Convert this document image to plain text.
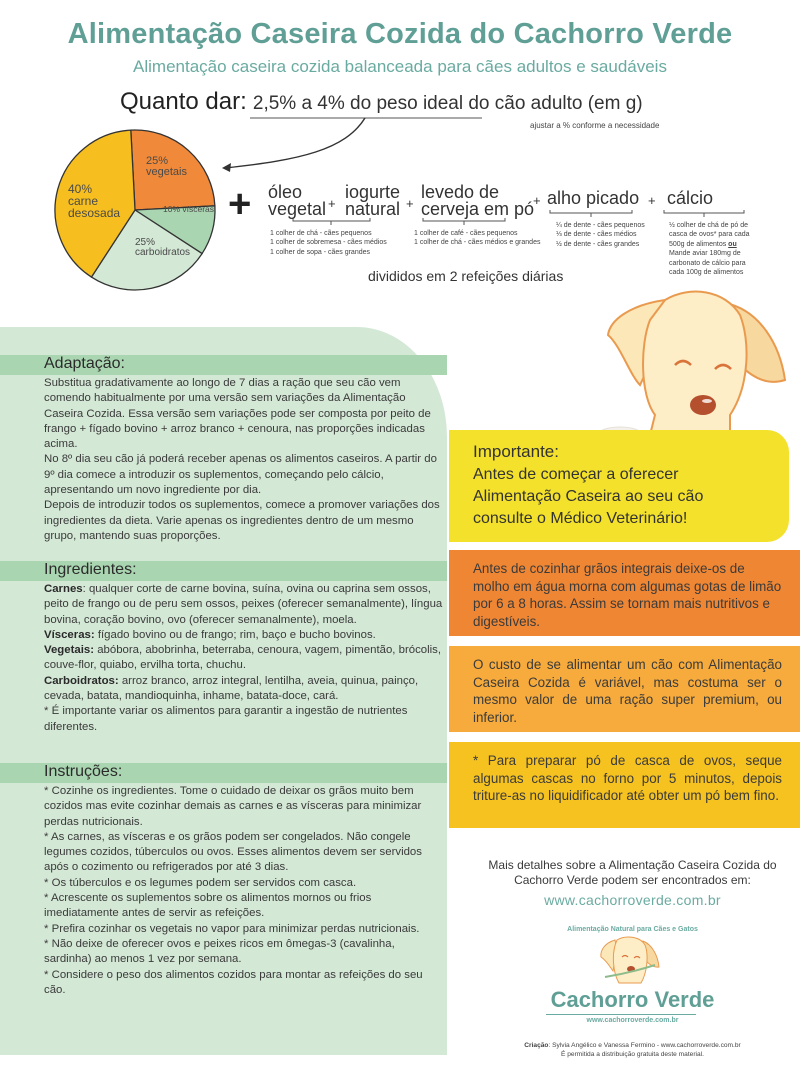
Alimentação Caseira Cozida do Cachorro Verde
Alimentação caseira cozida balanceada para cães adultos e saudáveis
Quanto dar: 2,5% a 4% do peso ideal do cão adulto (em g)
ajustar a % conforme a necessidade
25%
vegetais
10% vísceras
25%
carboidratos
40%
carne desosada	+ óleo
vegetal +
iogurte
natural +
levedo de
cerveja em pó
+ alho picado + cálcio
1 colher de chá - cães pequenos
1 colher de sobremesa - cães médios
1 colher de sopa - cães grandes
1 colher de café - cães pequenos
1 colher de chá - cães médios e grandes
¼ de dente - cães pequenos
⅓ de dente - cães médios
½ de dente - cães grandes
½ colher de chá de pó de
casca de ovos* para cada
500g de alimentos ou
Mande aviar 180mg de
carbonato de cálcio para
cada 100g de alimentos
divididos em 2 refeições diárias
Adaptação:
Substitua gradativamente ao longo de 7 dias a ração que seu cão vem comendo habitualmente por uma versão sem variações da Alimentação Caseira Cozida. Essa versão sem variações pode ser composta por peito de frango + fígado bovino + arroz branco + cenoura, nas proporções indicadas acima.
No 8º dia seu cão já poderá receber apenas os alimentos caseiros. A partir do 9º dia comece a introduzir os suplementos, começando pelo cálcio, apresentando um novo ingrediente por dia.
Depois de introduzir todos os suplementos, comece a promover variações dos ingredientes da dieta. Varie apenas os ingredientes dentro de um mesmo grupo, mantendo suas proporções.
Ingredientes:
Carnes: qualquer corte de carne bovina, suína, ovina ou caprina sem ossos, peito de frango ou de peru sem ossos, peixes (oferecer semanalmente), língua bovina, coração bovino, ovo (oferecer semanalmente), moela.
Vísceras: fígado bovino ou de frango; rim, baço e bucho bovinos.
Vegetais: abóbora, abobrinha, beterraba, cenoura, vagem, pimentão, brócolis, couve-flor, quiabo, ervilha torta, chuchu.
Carboidratos: arroz branco, arroz integral, lentilha, aveia, quinua, painço, cevada, batata, mandioquinha, inhame, batata-doce, cará.
* É importante variar os alimentos para garantir a ingestão de nutrientes diferentes.
Instruções:
* Cozinhe os ingredientes. Tome o cuidado de deixar os grãos muito bem cozidos mas evite cozinhar demais as carnes e as vísceras para minimizar perdas nutricionais.
* As carnes, as vísceras e os grãos podem ser congelados. Não congele legumes cozidos, túberculos ou ovos. Esses alimentos devem ser servidos após o cozimento ou refrigerados por até 3 dias.
* Os túberculos e os legumes podem ser servidos com casca.
* Acrescente os suplementos sobre os alimentos mornos ou frios imediatamente antes de servir as refeições.
* Prefira cozinhar os vegetais no vapor para minimizar perdas nutricionais.
* Não deixe de oferecer ovos e peixes ricos em ômegas-3 (cavalinha, sardinha) ao menos 1 vez por semana.
* Considere o peso dos alimentos cozidos para montar as refeições do seu cão.
Importante:
Antes de começar a oferecer Alimentação Caseira ao seu cão consulte o Médico Veterinário!
Antes de cozinhar grãos integrais deixe-os de molho em água morna com algumas gotas de limão por 6 a 8 horas. Assim se tornam mais nutritivos e digestíveis.
O custo de se alimentar um cão com Alimentação Caseira Cozida é variável, mas costuma ser o mesmo valor de uma ração super premium, ou inferior.
* Para preparar pó de casca de ovos, seque algumas cascas no forno por 5 minutos, depois triture-as no liquidificador até obter um pó bem fino.
Mais detalhes sobre a Alimentação Caseira Cozida do Cachorro Verde podem ser encontrados em:
www.cachorroverde.com.br
Alimentação Natural para Cães e Gatos
Cachorro Verde
www.cachorroverde.com.br
Criação: Sylvia Angélico e Vanessa Fermino - www.cachorroverde.com.br
É permitida a distribuição gratuita deste material.
